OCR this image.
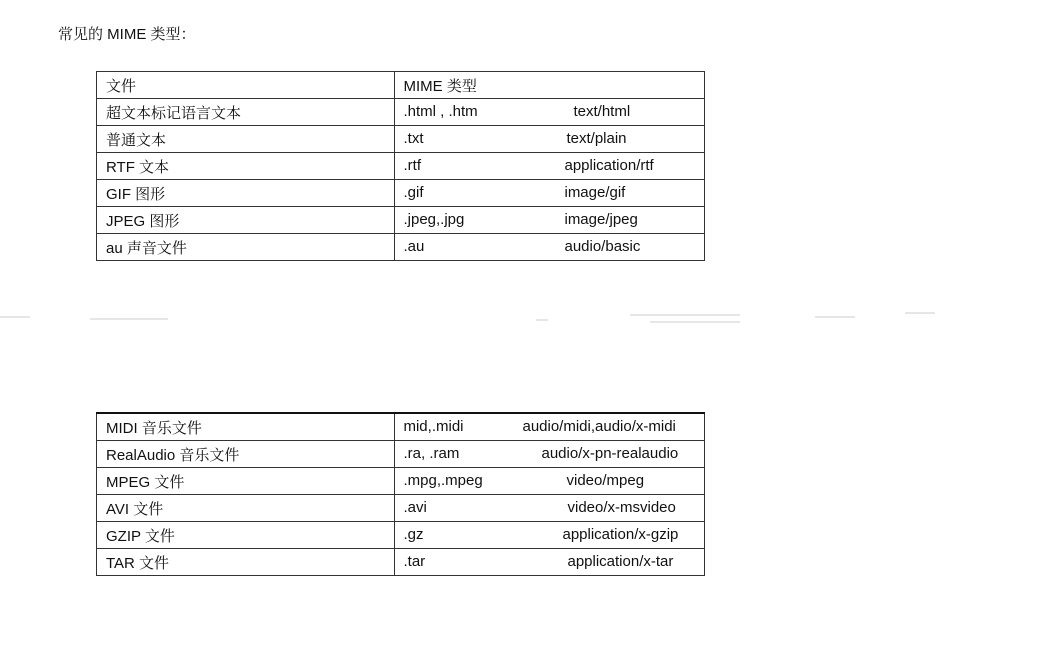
常见的 MIME 类型：
文件	MIME 类型
超文本标记语言文本	.html , .htm text/html

普通文本	.txt text/plain

RTF 文本	.rtf application/rtf

GIF 图形	.gif image/gif

JPEG 图形	.jpeg,.jpg image/jpeg

au 声音文件	.au audio/basic
MIDI 音乐文件	mid,.midi audio/midi,audio/x-midi

RealAudio 音乐文件	.ra, .ram audio/x-pn-realaudio

MPEG 文件	.mpg,.mpeg video/mpeg

AVI 文件	.avi video/x-msvideo

GZIP 文件	.gz application/x-gzip

TAR 文件	.tar application/x-tar
